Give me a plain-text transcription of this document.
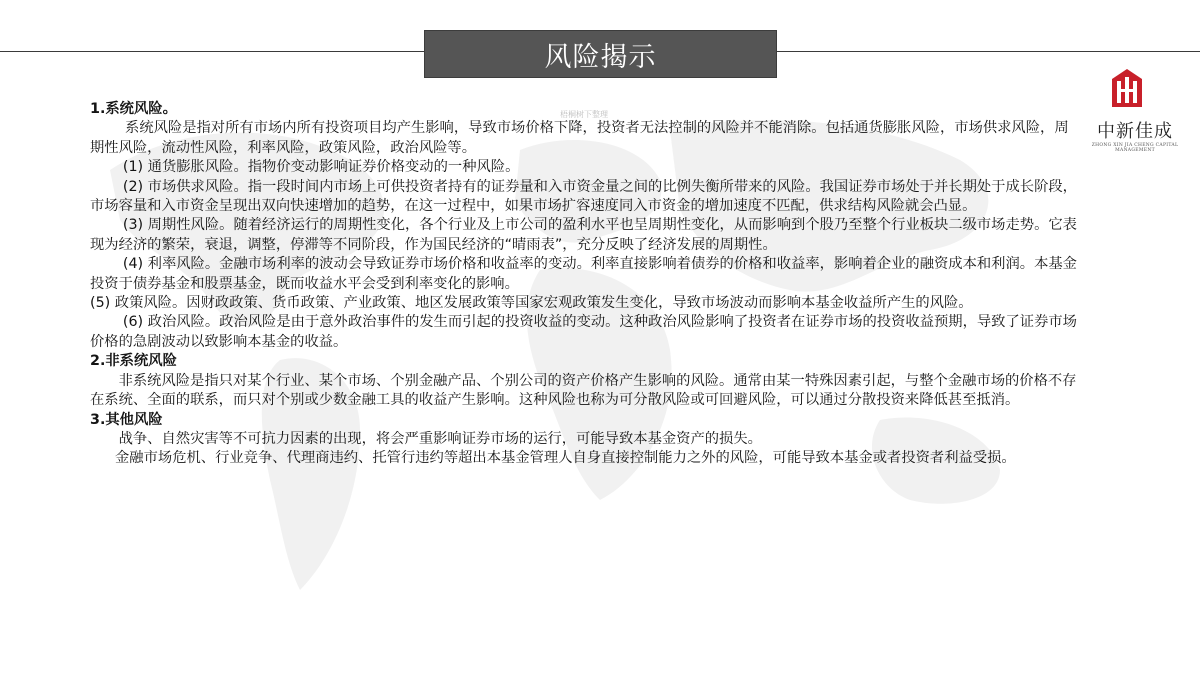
风险揭示
中新佳成
ZHONG XIN JIA CHENG CAPITAL MANAGEMENT
梧桐树下整理

1.系统风险。

系统风险是指对所有市场内所有投资项目均产生影响，导致市场价格下降，投资者无法控制的风险并不能消除。包括通货膨胀风险，市场供求风险，周期性风险，流动性风险，利率风险，政策风险，政治风险等。

(1) 通货膨胀风险。指物价变动影响证券价格变动的一种风险。

(2) 市场供求风险。指一段时间内市场上可供投资者持有的证券量和入市资金量之间的比例失衡所带来的风险。我国证券市场处于并长期处于成长阶段，市场容量和入市资金呈现出双向快速增加的趋势，在这一过程中，如果市场扩容速度同入市资金的增加速度不匹配，供求结构风险就会凸显。

(3) 周期性风险。随着经济运行的周期性变化，各个行业及上市公司的盈利水平也呈周期性变化，从而影响到个股乃至整个行业板块二级市场走势。它表现为经济的繁荣，衰退，调整，停滞等不同阶段，作为国民经济的“晴雨表”，充分反映了经济发展的周期性。

(4) 利率风险。金融市场利率的波动会导致证券市场价格和收益率的变动。利率直接影响着债券的价格和收益率，影响着企业的融资成本和利润。本基金投资于债券基金和股票基金，既而收益水平会受到利率变化的影响。

(5) 政策风险。因财政政策、货币政策、产业政策、地区发展政策等国家宏观政策发生变化，导致市场波动而影响本基金收益所产生的风险。

(6) 政治风险。政治风险是由于意外政治事件的发生而引起的投资收益的变动。这种政治风险影响了投资者在证券市场的投资收益预期，导致了证券市场价格的急剧波动以致影响本基金的收益。

2.非系统风险

非系统风险是指只对某个行业、某个市场、个别金融产品、个别公司的资产价格产生影响的风险。通常由某一特殊因素引起，与整个金融市场的价格不存在系统、全面的联系，而只对个别或少数金融工具的收益产生影响。这种风险也称为可分散风险或可回避风险，可以通过分散投资来降低甚至抵消。

3.其他风险

战争、自然灾害等不可抗力因素的出现，将会严重影响证券市场的运行，可能导致本基金资产的损失。

金融市场危机、行业竞争、代理商违约、托管行违约等超出本基金管理人自身直接控制能力之外的风险，可能导致本基金或者投资者利益受损。
